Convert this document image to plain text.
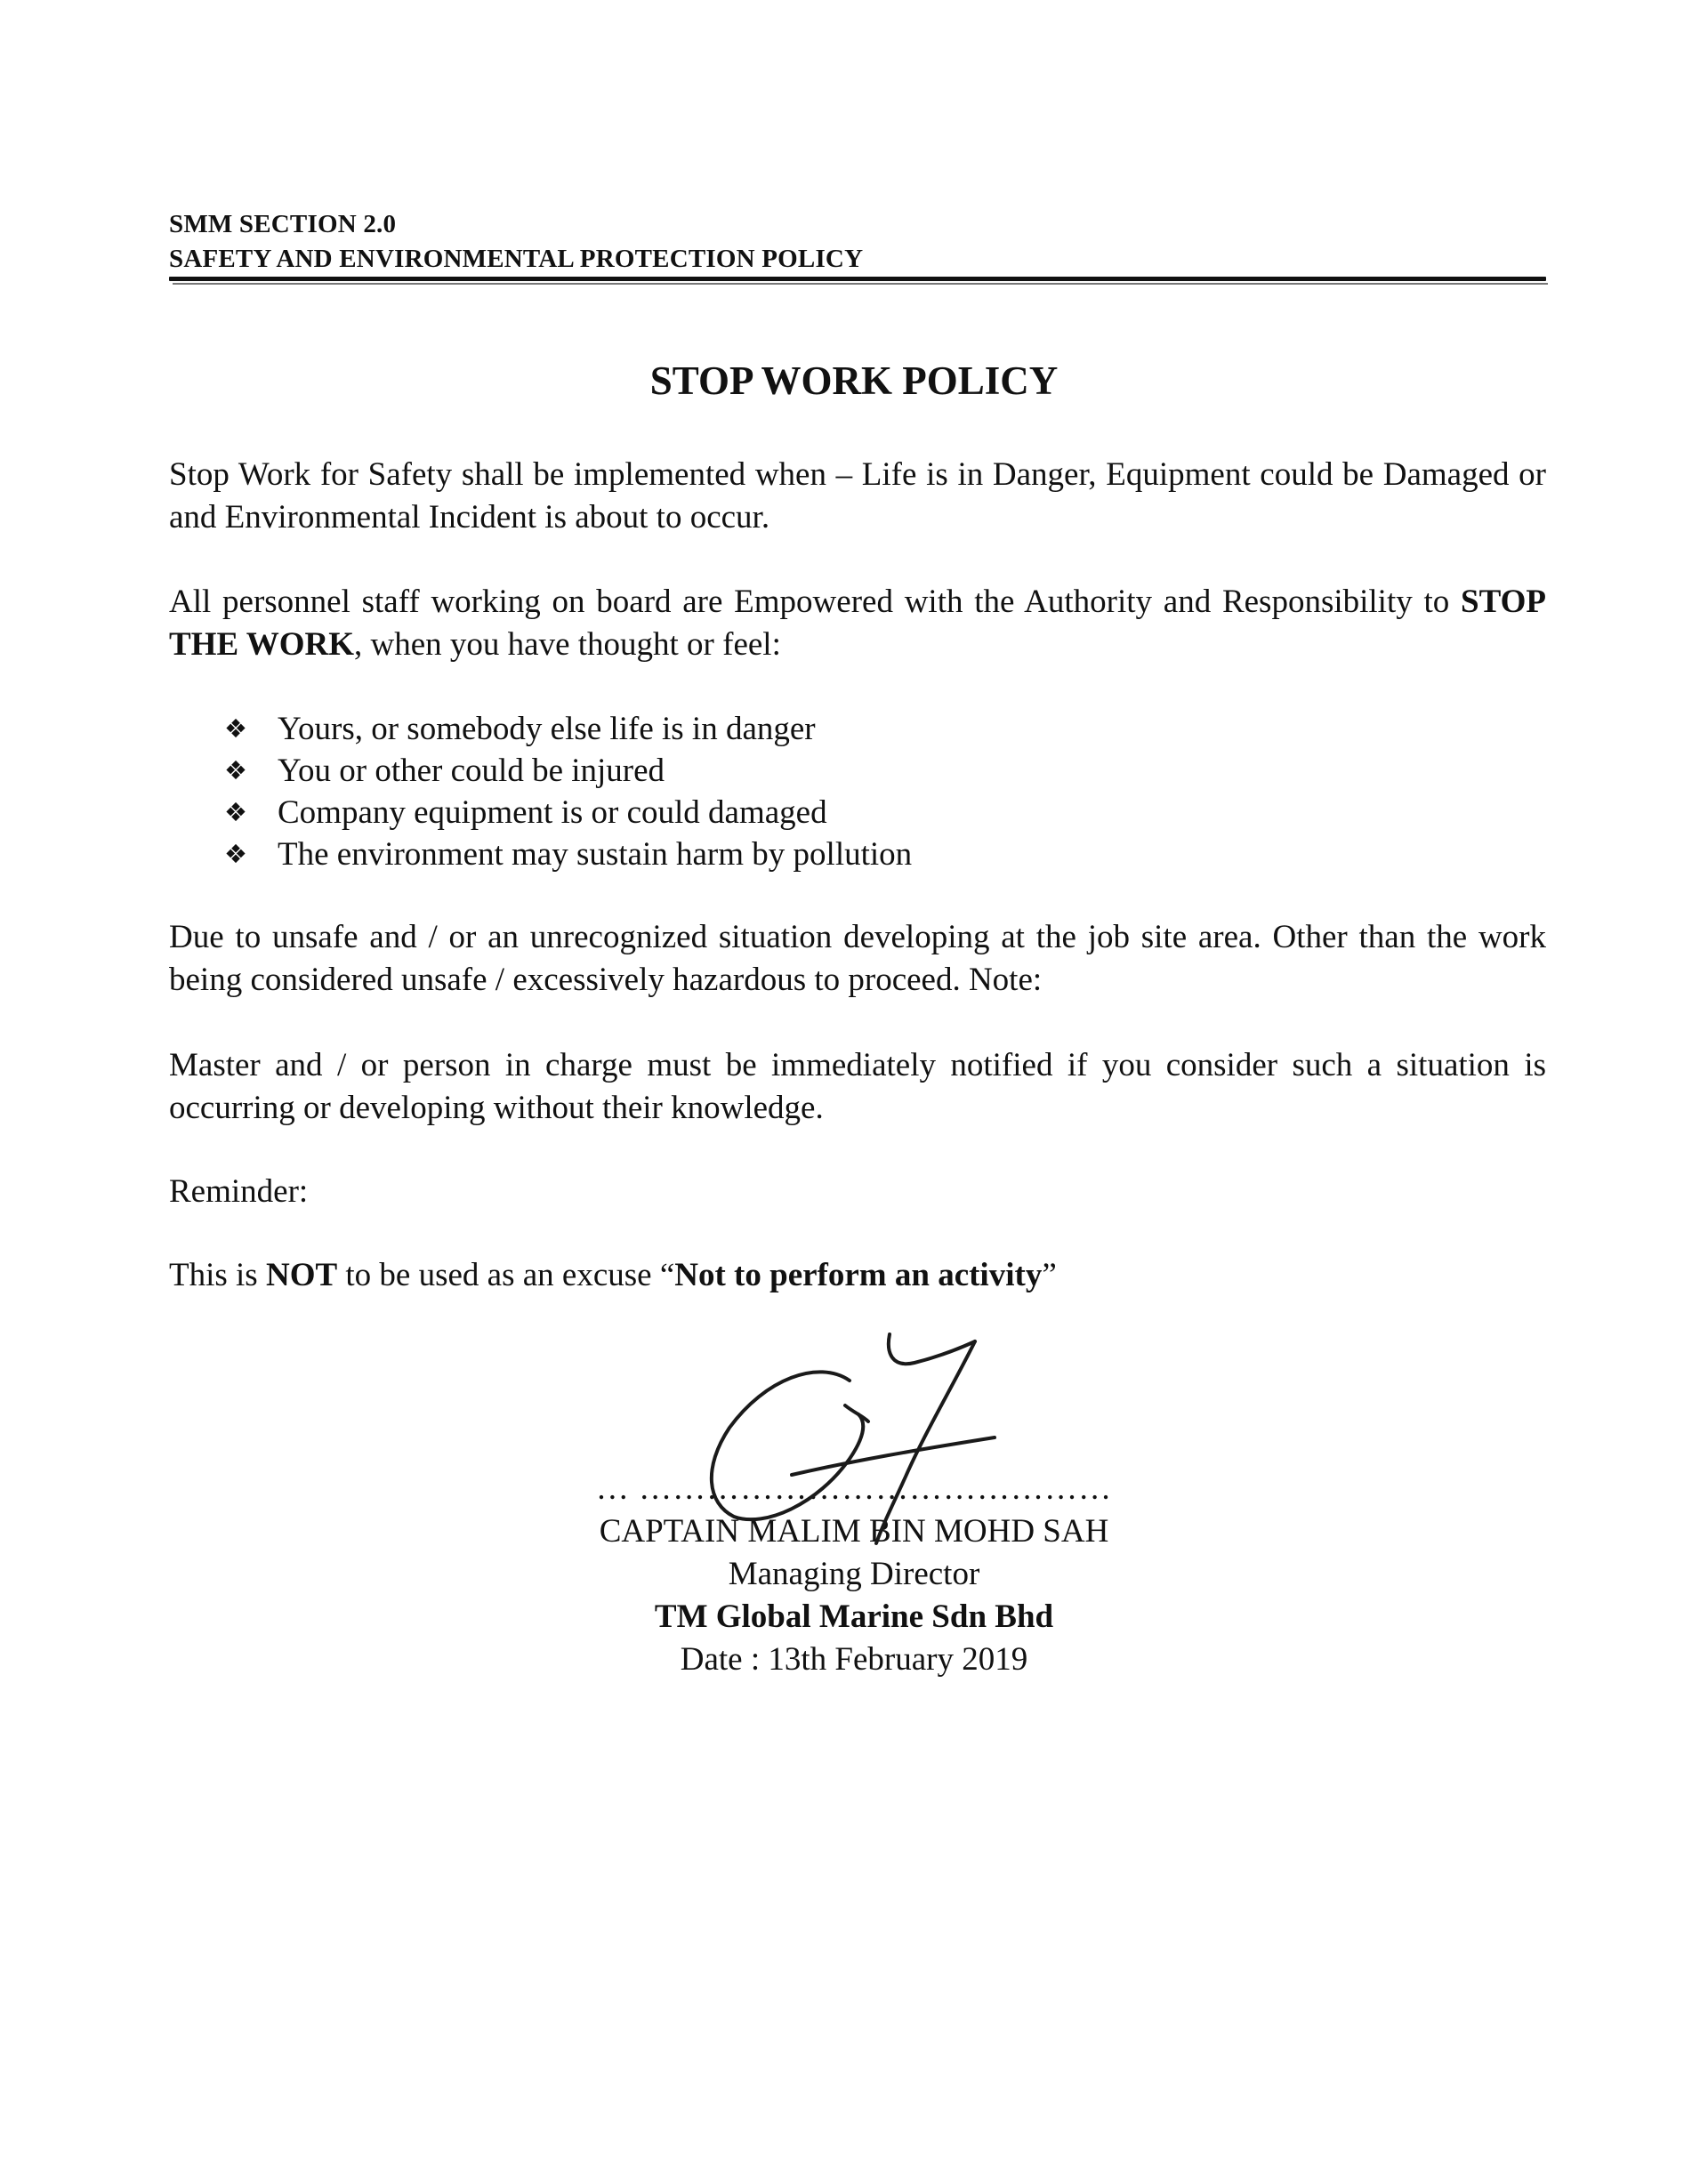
SMM SECTION 2.0
SAFETY AND ENVIRONMENTAL PROTECTION POLICY
STOP WORK POLICY
Stop Work for Safety shall be implemented when – Life is in Danger, Equipment could be Damaged or and Environmental Incident is about to occur.
All personnel staff working on board are Empowered with the Authority and Responsibility to STOP THE WORK, when you have thought or feel:
❖ Yours, or somebody else life is in danger
❖ You or other could be injured
❖ Company equipment is or could damaged
❖ The environment may sustain harm by pollution
Due to unsafe and / or an unrecognized situation developing at the job site area. Other than the work being considered unsafe / excessively hazardous to proceed. Note:
Master and / or person in charge must be immediately notified if you consider such a situation is occurring or developing without their knowledge.
Reminder:
This is NOT to be used as an excuse “Not to perform an activity”
… ……………………………………
CAPTAIN MALIM BIN MOHD SAH
Managing Director
TM Global Marine Sdn Bhd
Date : 13th February 2019
